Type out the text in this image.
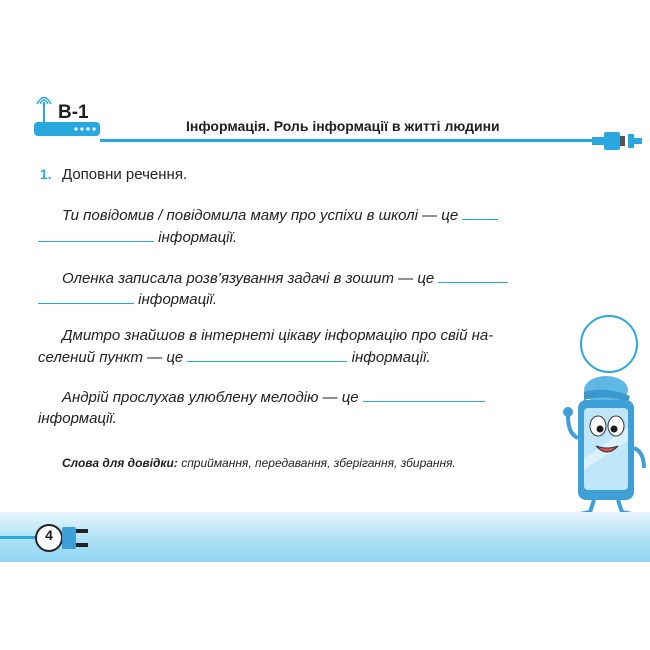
В-1
Інформація. Роль інформації в житті людини
1. Доповни речення.
Ти повідомив / повідомила маму про успіхи в школі — це
інформації.
Оленка записала розв’язування задачі в зошит — це
інформації.
Дмитро знайшов в інтернеті цікаву інформацію про свій на-
селений пункт — це	інформації.
Андрій прослухав улюблену мелодію — це
інформації.
Слова для довідки: сприймання, передавання, зберігання, збирання.
4
